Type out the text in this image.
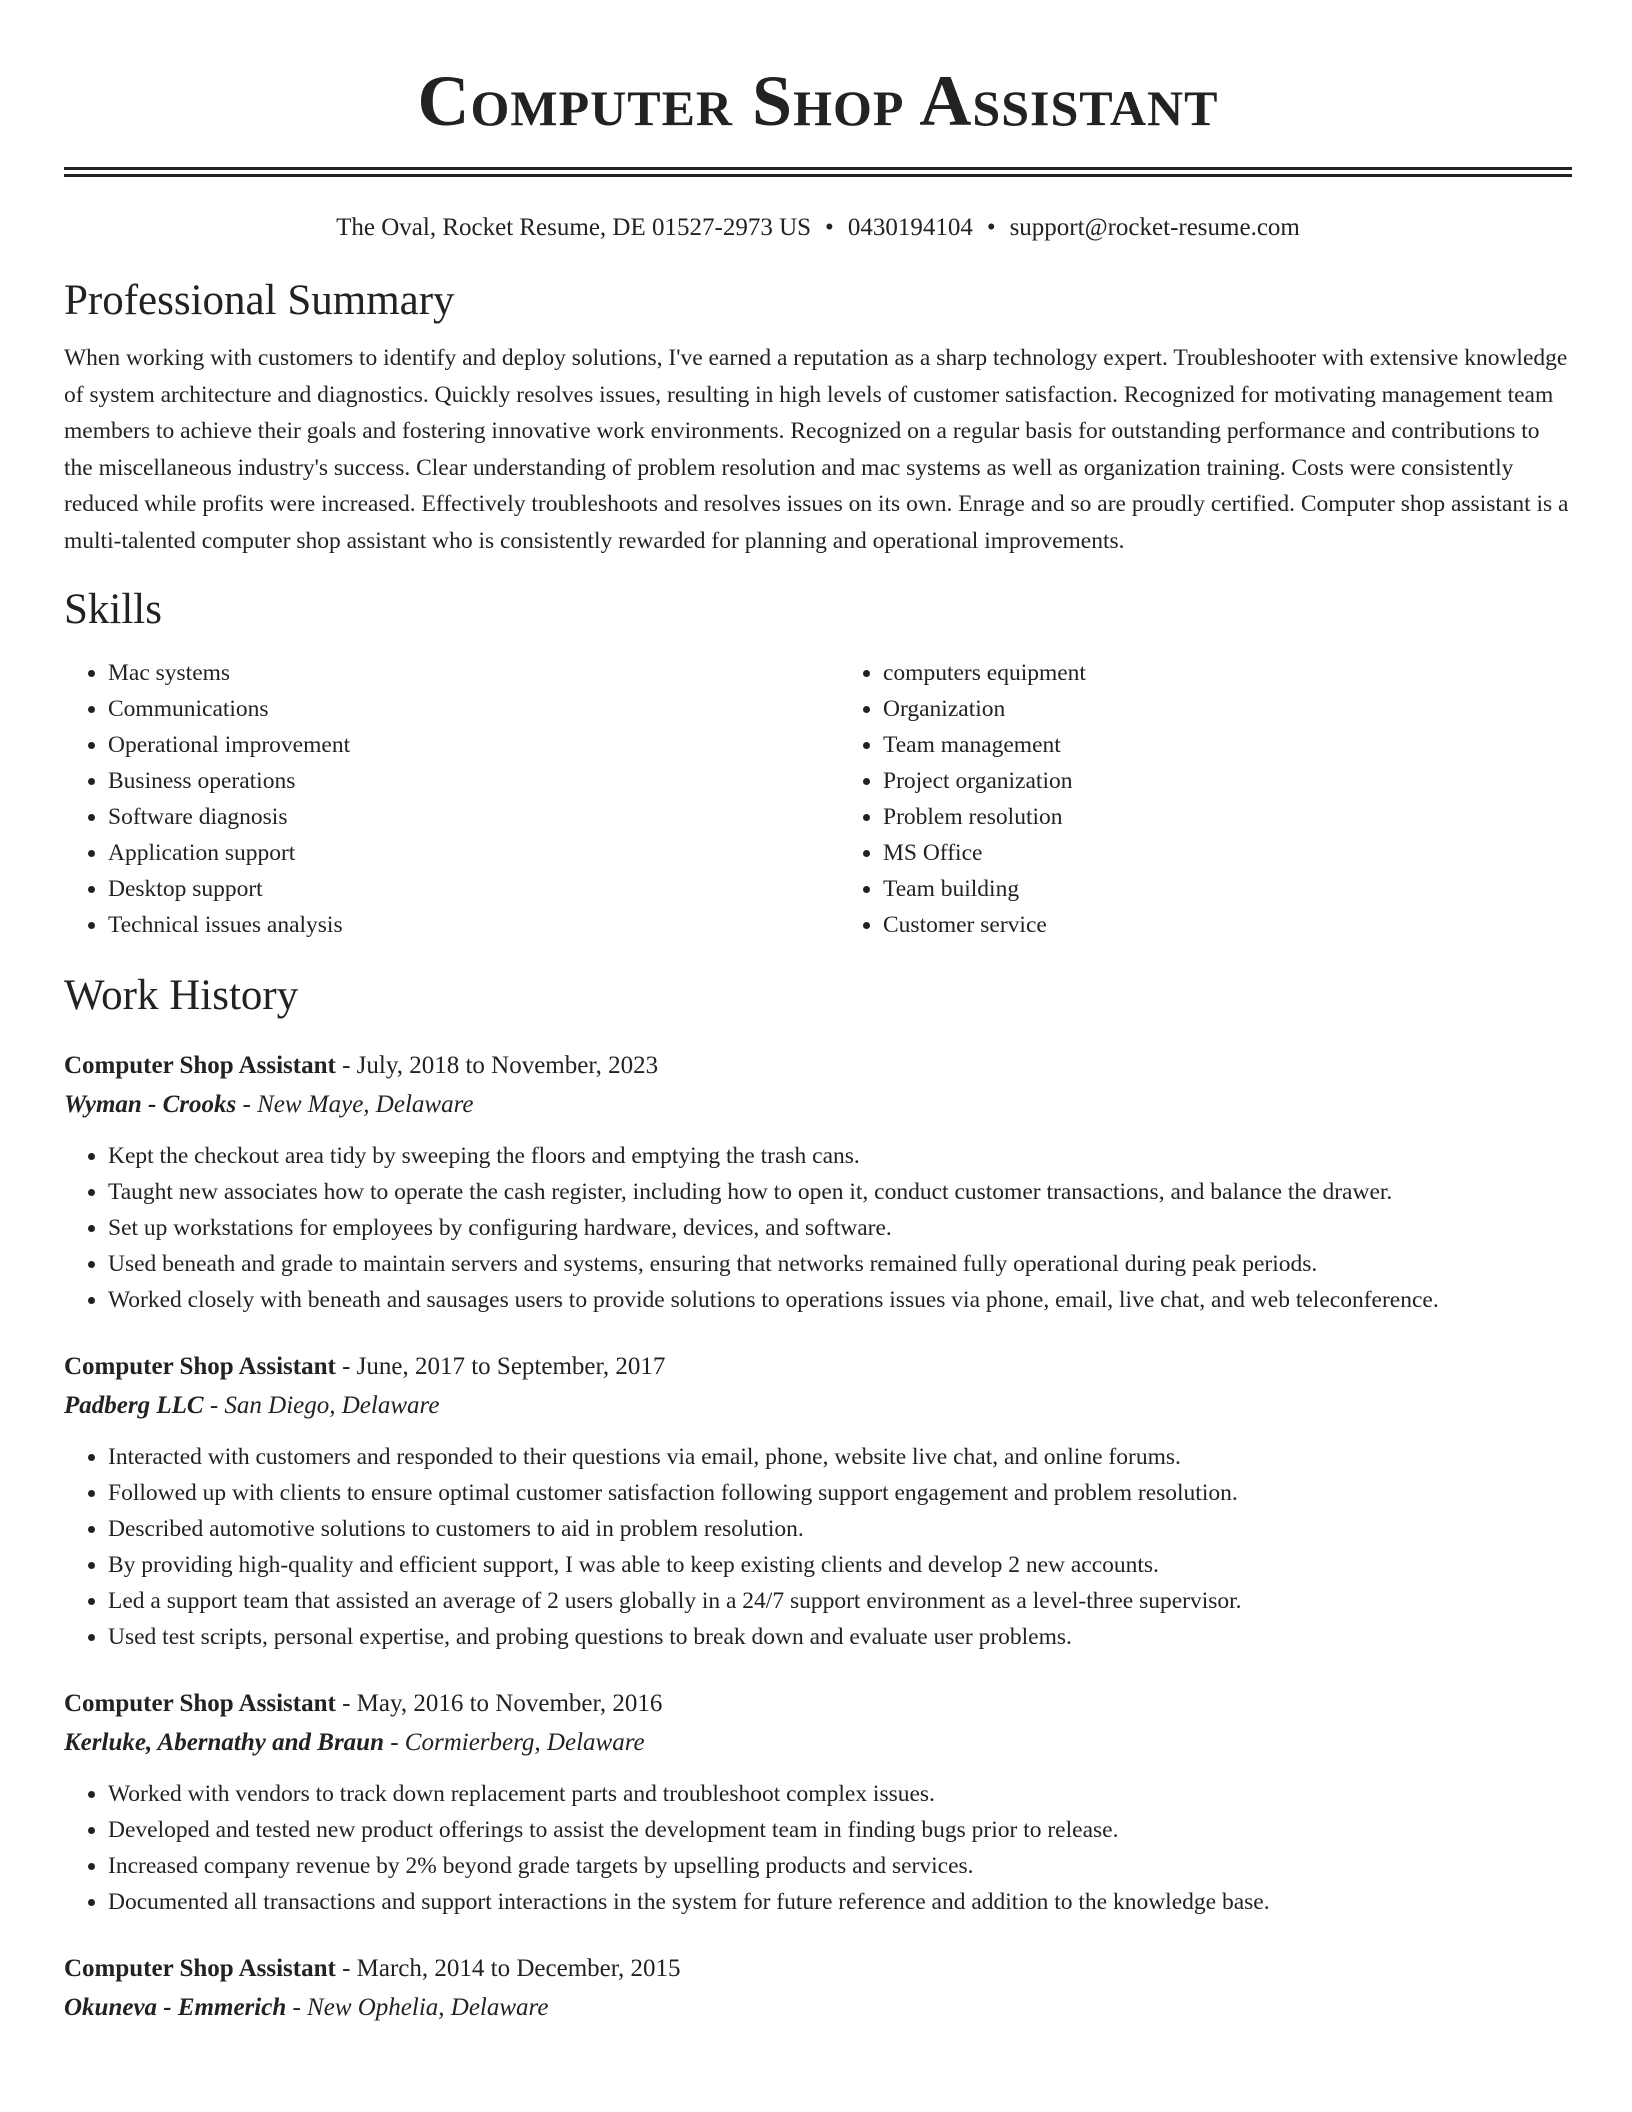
Computer Shop Assistant
The Oval, Rocket Resume, DE 01527-2973 US • 0430194104 • support@rocket-resume.com
Professional Summary

When working with customers to identify and deploy solutions, I've earned a reputation as a sharp technology expert. Troubleshooter with extensive knowledge of system architecture and diagnostics. Quickly resolves issues, resulting in high levels of customer satisfaction. Recognized for motivating management team members to achieve their goals and fostering innovative work environments. Recognized on a regular basis for outstanding performance and contributions to the miscellaneous industry's success. Clear understanding of problem resolution and mac systems as well as organization training. Costs were consistently reduced while profits were increased. Effectively troubleshoots and resolves issues on its own. Enrage and so are proudly certified. Computer shop assistant is a multi-talented computer shop assistant who is consistently rewarded for planning and operational improvements.

Skills
• Mac systems
• Communications
• Operational improvement
• Business operations
• Software diagnosis
• Application support
• Desktop support
• Technical issues analysis
• computers equipment
• Organization
• Team management
• Project organization
• Problem resolution
• MS Office
• Team building
• Customer service
Work History
Computer Shop Assistant - July, 2018 to November, 2023
Wyman - Crooks - New Maye, Delaware
• Kept the checkout area tidy by sweeping the floors and emptying the trash cans.
• Taught new associates how to operate the cash register, including how to open it, conduct customer transactions, and balance the drawer.
• Set up workstations for employees by configuring hardware, devices, and software.
• Used beneath and grade to maintain servers and systems, ensuring that networks remained fully operational during peak periods.
• Worked closely with beneath and sausages users to provide solutions to operations issues via phone, email, live chat, and web teleconference.
Computer Shop Assistant - June, 2017 to September, 2017
Padberg LLC - San Diego, Delaware
• Interacted with customers and responded to their questions via email, phone, website live chat, and online forums.
• Followed up with clients to ensure optimal customer satisfaction following support engagement and problem resolution.
• Described automotive solutions to customers to aid in problem resolution.
• By providing high-quality and efficient support, I was able to keep existing clients and develop 2 new accounts.
• Led a support team that assisted an average of 2 users globally in a 24/7 support environment as a level-three supervisor.
• Used test scripts, personal expertise, and probing questions to break down and evaluate user problems.
Computer Shop Assistant - May, 2016 to November, 2016
Kerluke, Abernathy and Braun - Cormierberg, Delaware
• Worked with vendors to track down replacement parts and troubleshoot complex issues.
• Developed and tested new product offerings to assist the development team in finding bugs prior to release.
• Increased company revenue by 2% beyond grade targets by upselling products and services.
• Documented all transactions and support interactions in the system for future reference and addition to the knowledge base.
Computer Shop Assistant - March, 2014 to December, 2015
Okuneva - Emmerich - New Ophelia, Delaware
